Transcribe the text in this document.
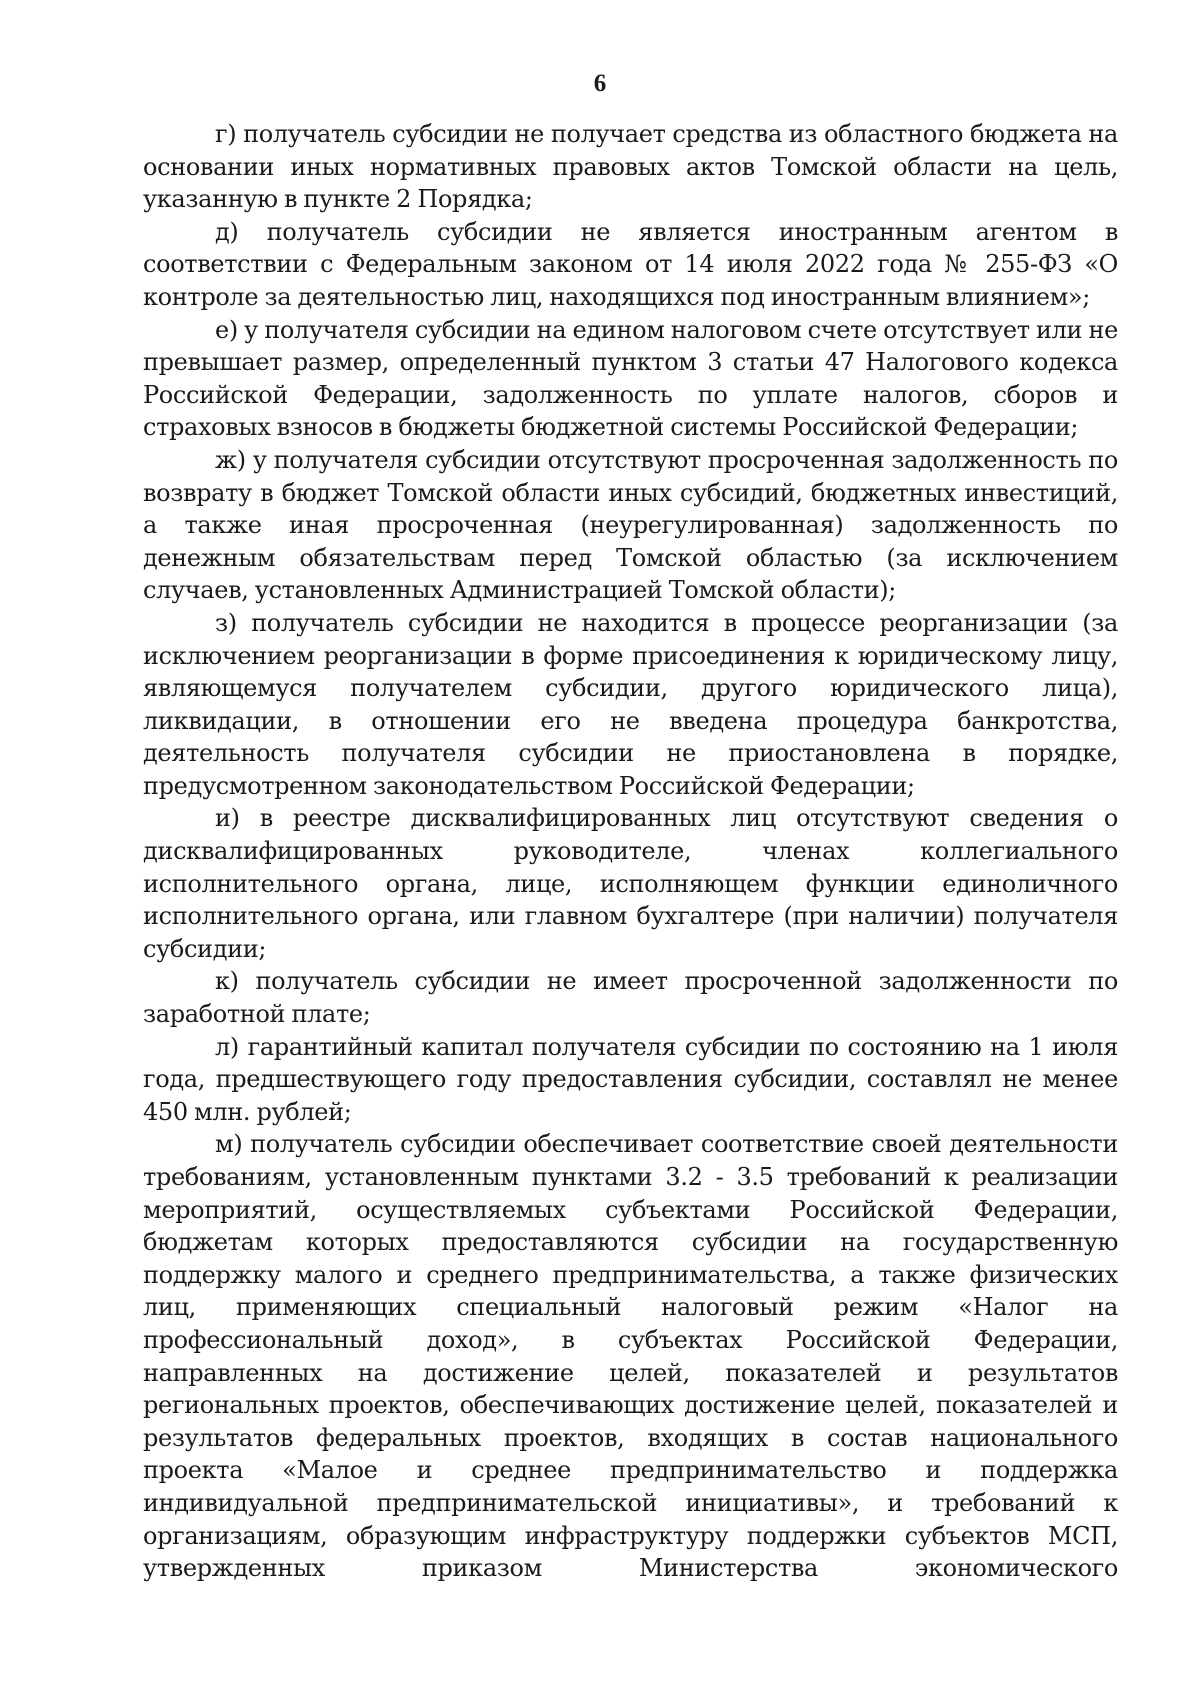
6

г) получатель субсидии не получает средства из областного бюджета на основании иных нормативных правовых актов Томской области на цель, указанную в пункте 2 Порядка;

д) получатель субсидии не является иностранным агентом в соответствии с Федеральным законом от 14 июля 2022 года № 255-ФЗ «О контроле за деятельностью лиц, находящихся под иностранным влиянием»;

е) у получателя субсидии на едином налоговом счете отсутствует или не превышает размер, определенный пунктом 3 статьи 47 Налогового кодекса Российской Федерации, задолженность по уплате налогов, сборов и страховых взносов в бюджеты бюджетной системы Российской Федерации;

ж) у получателя субсидии отсутствуют просроченная задолженность по возврату в бюджет Томской области иных субсидий, бюджетных инвестиций, а также иная просроченная (неурегулированная) задолженность по денежным обязательствам перед Томской областью (за исключением случаев, установленных Администрацией Томской области);

з) получатель субсидии не находится в процессе реорганизации (за исключением реорганизации в форме присоединения к юридическому лицу, являющемуся получателем субсидии, другого юридического лица), ликвидации, в отношении его не введена процедура банкротства, деятельность получателя субсидии не приостановлена в порядке, предусмотренном законодательством Российской Федерации;

и) в реестре дисквалифицированных лиц отсутствуют сведения о дисквалифицированных руководителе, членах коллегиального исполнительного органа, лице, исполняющем функции единоличного исполнительного органа, или главном бухгалтере (при наличии) получателя субсидии;

к) получатель субсидии не имеет просроченной задолженности по заработной плате;

л) гарантийный капитал получателя субсидии по состоянию на 1 июля года, предшествующего году предоставления субсидии, составлял не менее 450 млн. рублей;

м) получатель субсидии обеспечивает соответствие своей деятельности требованиям, установленным пунктами 3.2 - 3.5 требований к реализации мероприятий, осуществляемых субъектами Российской Федерации, бюджетам которых предоставляются субсидии на государственную поддержку малого и среднего предпринимательства, а также физических лиц, применяющих специальный налоговый режим «Налог на профессиональный доход», в субъектах Российской Федерации, направленных на достижение целей, показателей и результатов региональных проектов, обеспечивающих достижение целей, показателей и результатов федеральных проектов, входящих в состав национального проекта «Малое и среднее предпринимательство и поддержка индивидуальной предпринимательской инициативы», и требований к организациям, образующим инфраструктуру поддержки субъектов МСП, утвержденных приказом Министерства экономического
